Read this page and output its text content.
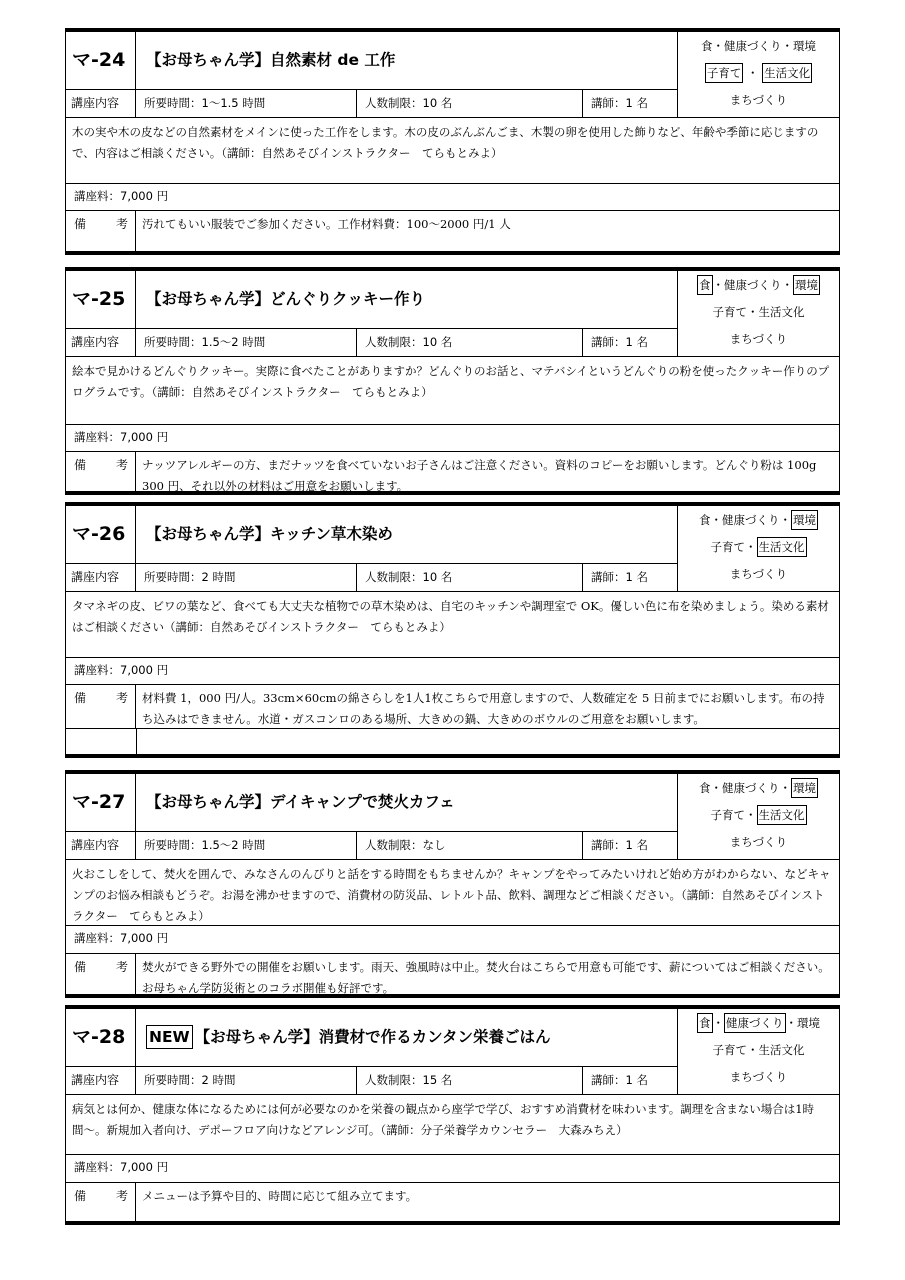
マ-24	【お母ちゃん学】自然素材 de 工作
食・健康づくり・環境
子育て ・ 生活文化
まちづくり
講座内容	所要時間：1〜1.5 時間	人数制限：10 名	講師：1 名
木の実や木の皮などの自然素材をメインに使った工作をします。木の皮のぶんぶんごま、木製の卵を使用した飾りなど、年齢や季節に応じますので、内容はご相談ください。（講師：自然あそびインストラクター　てらもとみよ）
講座料：7,000 円
備 考 汚れてもいい服装でご参加ください。工作材料費：100〜2000 円/1 人
マ-25	【お母ちゃん学】どんぐりクッキー作り
食 ・健康づくり・ 環境
子育て・生活文化
まちづくり
講座内容	所要時間：1.5〜2 時間	人数制限：10 名	講師：1 名
絵本で見かけるどんぐりクッキー。実際に食べたことがありますか？どんぐりのお話と、マテバシイというどんぐりの粉を使ったクッキー作りのプログラムです。（講師：自然あそびインストラクター　てらもとみよ）
講座料：7,000 円
備 考 ナッツアレルギーの方、まだナッツを食べていないお子さんはご注意ください。資料のコピーをお願いします。どんぐり粉は 100g 300 円、それ以外の材料はご用意をお願いします。
マ-26	【お母ちゃん学】キッチン草木染め
食・健康づくり・ 環境
子育て・ 生活文化
まちづくり
講座内容	所要時間：2 時間	人数制限：10 名	講師：1 名
タマネギの皮、ビワの葉など、食べても大丈夫な植物での草木染めは、自宅のキッチンや調理室で OK。優しい色に布を染めましょう。染める素材はご相談ください（講師：自然あそびインストラクター　てらもとみよ）
講座料：7,000 円
備 考 材料費 1，000 円/人。33cm×60cmの綿さらしを1人1枚こちらで用意しますので、人数確定を 5 日前までにお願いします。布の持ち込みはできません。水道・ガスコンロのある場所、大きめの鍋、大きめのボウルのご用意をお願いします。
マ-27	【お母ちゃん学】デイキャンプで焚火カフェ
食・健康づくり・ 環境
子育て・ 生活文化
まちづくり
講座内容	所要時間：1.5〜2 時間	人数制限：なし	講師：1 名
火おこしをして、焚火を囲んで、みなさんのんびりと話をする時間をもちませんか？キャンプをやってみたいけれど始め方がわからない、などキャンプのお悩み相談もどうぞ。お湯を沸かせますので、消費材の防災品、レトルト品、飲料、調理などご相談ください。（講師：自然あそびインストラクター　てらもとみよ）
講座料：7,000 円
備 考 焚火ができる野外での開催をお願いします。雨天、強風時は中止。焚火台はこちらで用意も可能です、薪についてはご相談ください。お母ちゃん学防災術とのコラボ開催も好評です。
マ-28	NEW 【お母ちゃん学】消費材で作るカンタン栄養ごはん
食 ・ 健康づくり ・環境
子育て・生活文化
まちづくり
講座内容	所要時間：2 時間	人数制限：15 名	講師：1 名
病気とは何か、健康な体になるためには何が必要なのかを栄養の観点から座学で学び、おすすめ消費材を味わいます。調理を含まない場合は1時間〜。新規加入者向け、デポーフロア向けなどアレンジ可。（講師：分子栄養学カウンセラー　大森みちえ）
講座料：7,000 円
備 考 メニューは予算や目的、時間に応じて組み立てます。
